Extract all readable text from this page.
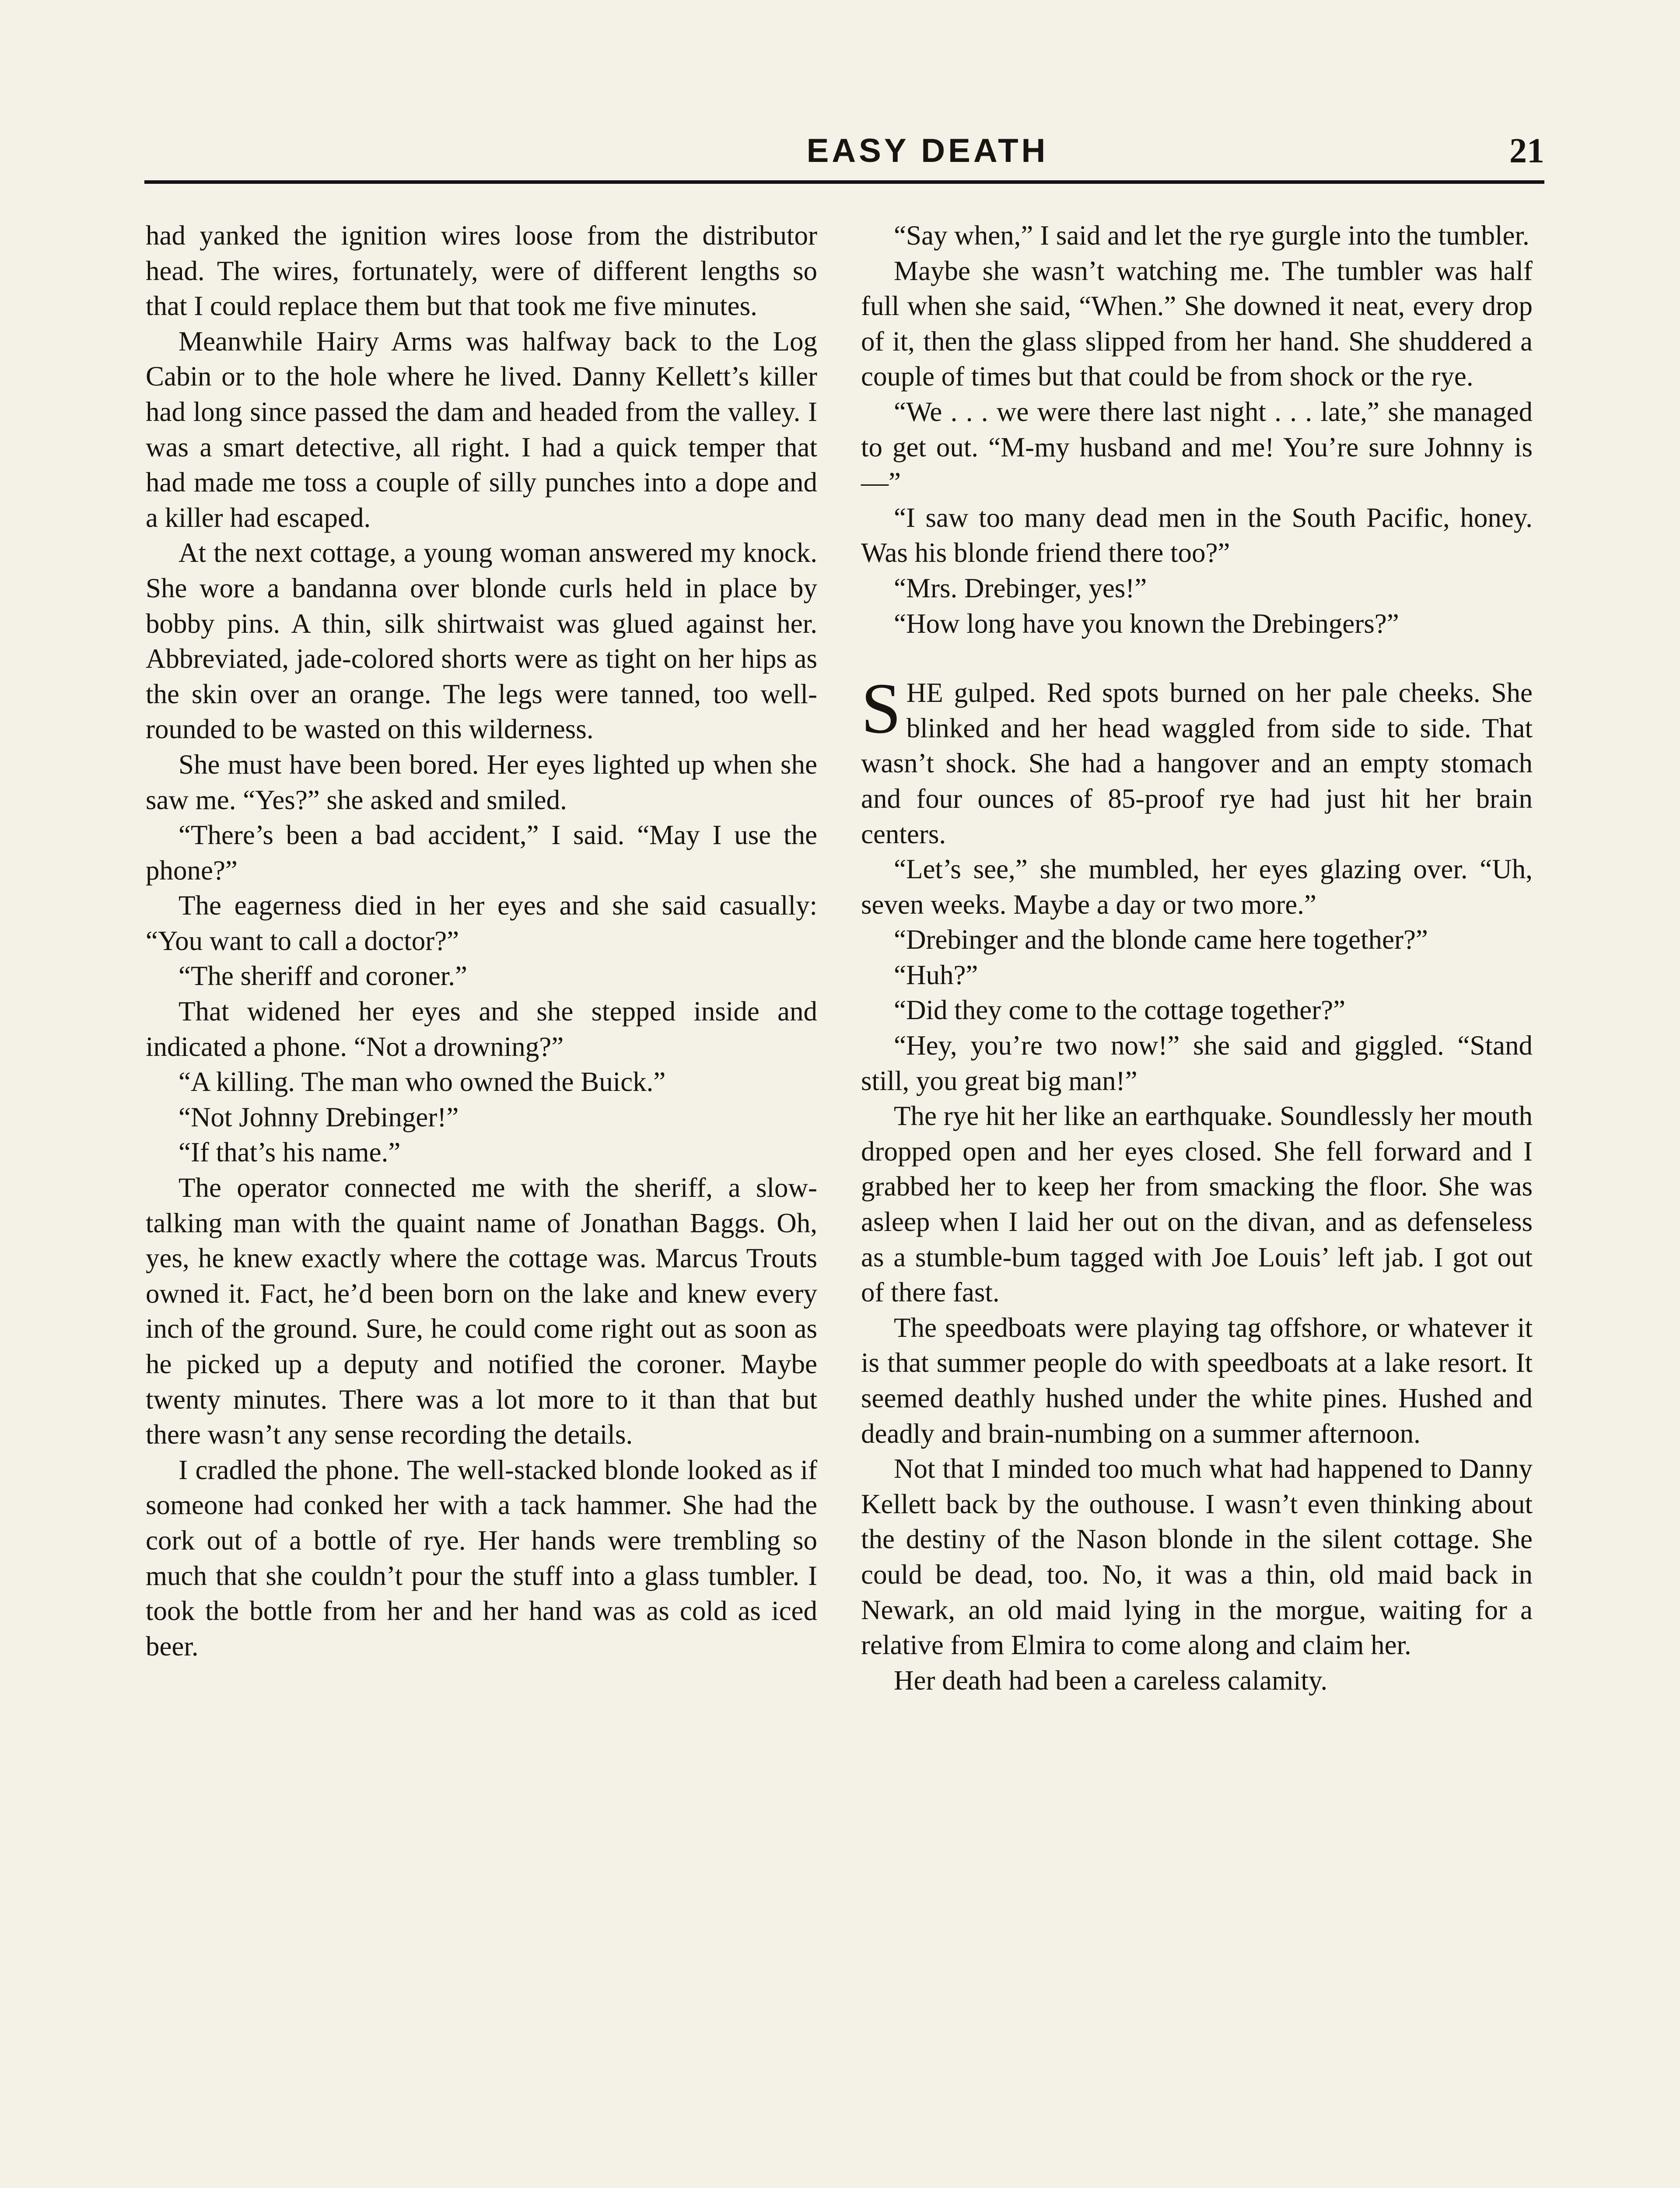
EASY DEATH	21

had yanked the ignition wires loose from the distributor head. The wires, fortunately, were of different lengths so that I could replace them but that took me five minutes.

Meanwhile Hairy Arms was halfway back to the Log Cabin or to the hole where he lived. Danny Kellett’s killer had long since passed the dam and headed from the valley. I was a smart detective, all right. I had a quick temper that had made me toss a couple of silly punches into a dope and a killer had escaped.

At the next cottage, a young woman answered my knock. She wore a bandanna over blonde curls held in place by bobby pins. A thin, silk shirtwaist was glued against her. Abbreviated, jade-colored shorts were as tight on her hips as the skin over an orange. The legs were tanned, too well-rounded to be wasted on this wilderness.

She must have been bored. Her eyes lighted up when she saw me. “Yes?” she asked and smiled.

“There’s been a bad accident,” I said. “May I use the phone?”

The eagerness died in her eyes and she said casually: “You want to call a doctor?”

“The sheriff and coroner.”

That widened her eyes and she stepped inside and indicated a phone. “Not a drowning?”

“A killing. The man who owned the Buick.”

“Not Johnny Drebinger!”

“If that’s his name.”

The operator connected me with the sheriff, a slow-talking man with the quaint name of Jonathan Baggs. Oh, yes, he knew exactly where the cottage was. Marcus Trouts owned it. Fact, he’d been born on the lake and knew every inch of the ground. Sure, he could come right out as soon as he picked up a deputy and notified the coroner. Maybe twenty minutes. There was a lot more to it than that but there wasn’t any sense recording the details.

I cradled the phone. The well-stacked blonde looked as if someone had conked her with a tack hammer. She had the cork out of a bottle of rye. Her hands were trembling so much that she couldn’t pour the stuff into a glass tumbler. I took the bottle from her and her hand was as cold as iced beer.

“Say when,” I said and let the rye gurgle into the tumbler.

Maybe she wasn’t watching me. The tumbler was half full when she said, “When.” She downed it neat, every drop of it, then the glass slipped from her hand. She shuddered a couple of times but that could be from shock or the rye.

“We . . . we were there last night . . . late,” she managed to get out. “M-my husband and me! You’re sure Johnny is—”

“I saw too many dead men in the South Pacific, honey. Was his blonde friend there too?”

“Mrs. Drebinger, yes!”

“How long have you known the Drebingers?”

SHE gulped. Red spots burned on her pale cheeks. She blinked and her head waggled from side to side. That wasn’t shock. She had a hangover and an empty stomach and four ounces of 85-proof rye had just hit her brain centers.

“Let’s see,” she mumbled, her eyes glazing over. “Uh, seven weeks. Maybe a day or two more.”

“Drebinger and the blonde came here together?”

“Huh?”

“Did they come to the cottage together?”

“Hey, you’re two now!” she said and giggled. “Stand still, you great big man!”

The rye hit her like an earthquake. Soundlessly her mouth dropped open and her eyes closed. She fell forward and I grabbed her to keep her from smacking the floor. She was asleep when I laid her out on the divan, and as defenseless as a stumble-bum tagged with Joe Louis’ left jab. I got out of there fast.

The speedboats were playing tag offshore, or whatever it is that summer people do with speedboats at a lake resort. It seemed deathly hushed under the white pines. Hushed and deadly and brain-numbing on a summer afternoon.

Not that I minded too much what had happened to Danny Kellett back by the outhouse. I wasn’t even thinking about the destiny of the Nason blonde in the silent cottage. She could be dead, too. No, it was a thin, old maid back in Newark, an old maid lying in the morgue, waiting for a relative from Elmira to come along and claim her.

Her death had been a careless calamity.
